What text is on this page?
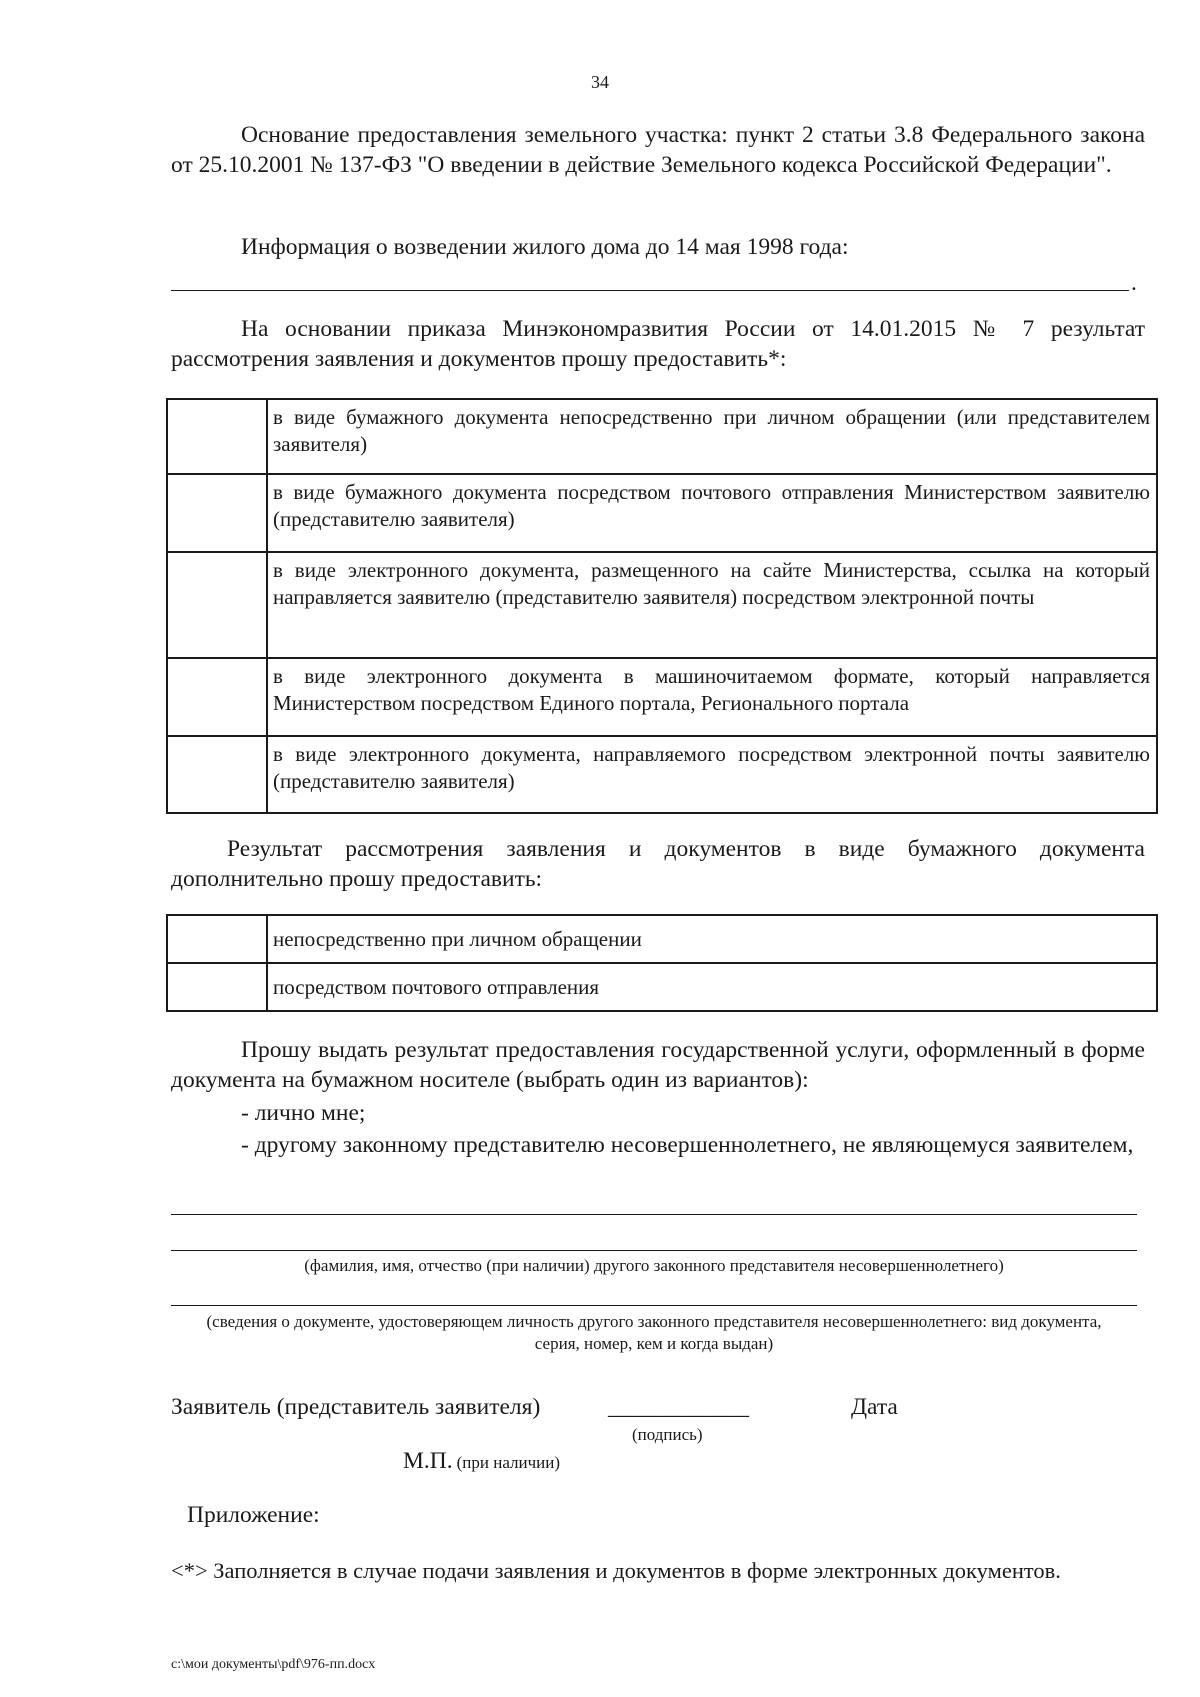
34

Основание предоставления земельного участка: пункт 2 статьи 3.8 Федерального закона от 25.10.2001 № 137-ФЗ "О введении в действие Земельного кодекса Российской Федерации".

Информация о возведении жилого дома до 14 мая 1998 года:

.

На основании приказа Минэкономразвития России от 14.01.2015 № 7 результат рассмотрения заявления и документов прошу предоставить*:

	в виде бумажного документа непосредственно при личном обращении (или представителем заявителя)
	в виде бумажного документа посредством почтового отправления Министерством заявителю (представителю заявителя)
	в виде электронного документа, размещенного на сайте Министерства, ссылка на который направляется заявителю (представителю заявителя) посредством электронной почты
	в виде электронного документа в машиночитаемом формате, который направляется Министерством посредством Единого портала, Регионального портала
	в виде электронного документа, направляемого посредством электронной почты заявителю (представителю заявителя)

Результат рассмотрения заявления и документов в виде бумажного документа дополнительно прошу предоставить:

	непосредственно при личном обращении
	посредством почтового отправления

Прошу выдать результат предоставления государственной услуги, оформленный в форме документа на бумажном носителе (выбрать один из вариантов):

- лично мне;

- другому законному представителю несовершеннолетнего, не являющемуся заявителем,

(фамилия, имя, отчество (при наличии) другого законного представителя несовершеннолетнего)
(сведения о документе, удостоверяющем личность другого законного представителя несовершеннолетнего: вид документа, серия, номер, кем и когда выдан)
Заявитель (представитель заявителя)	____________	Дата
(подпись)
М.П. (при наличии)
Приложение:
<*> Заполняется в случае подачи заявления и документов в форме электронных документов.
c:\мои документы\pdf\976-пп.docx
